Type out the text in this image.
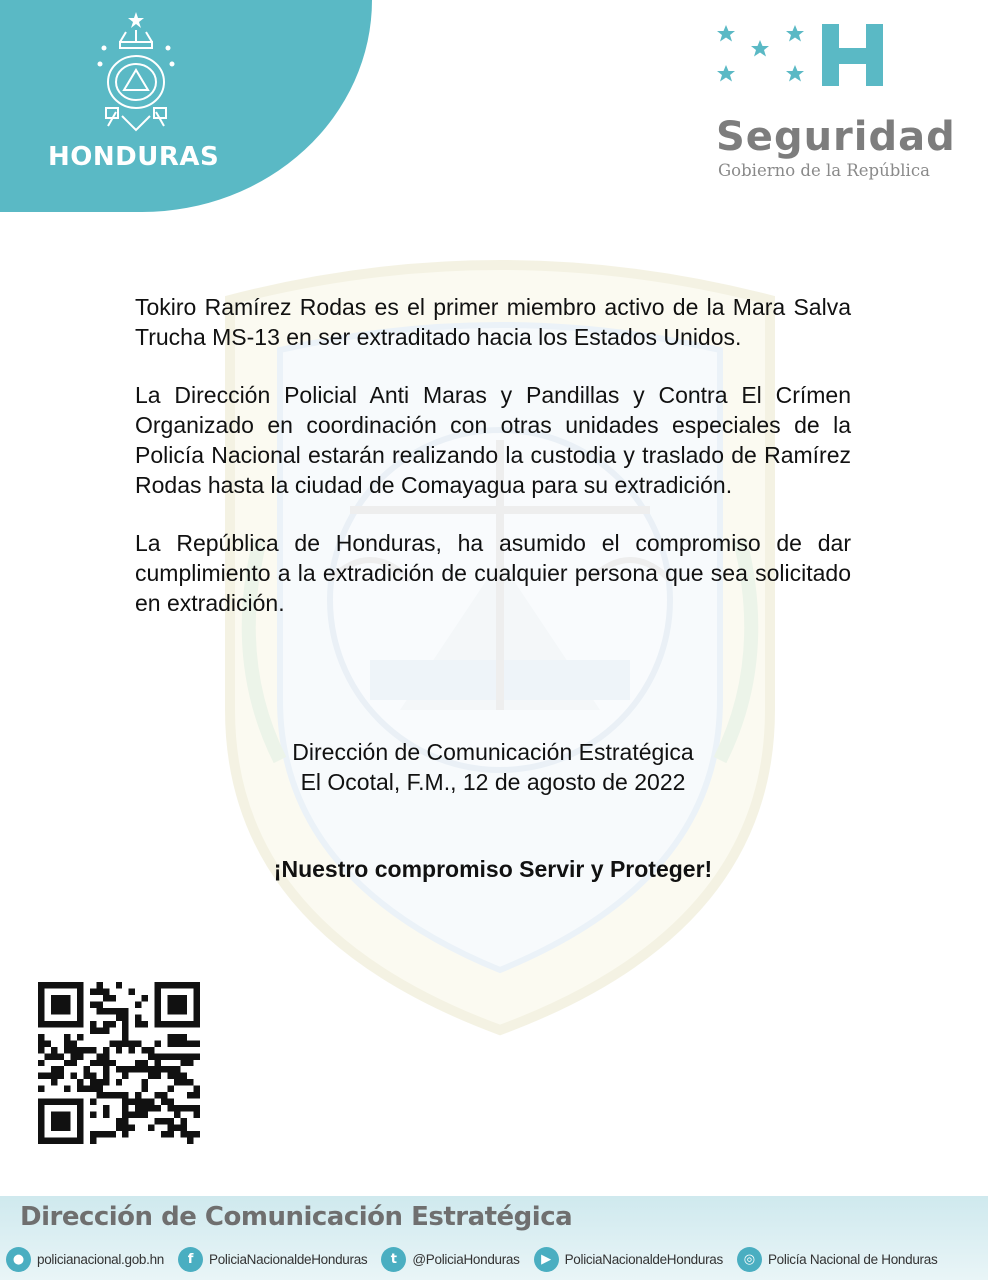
HONDURAS	Seguridad
Gobierno de la República

Tokiro Ramírez Rodas es el primer miembro activo de la Mara Salva Trucha MS-13 en ser extraditado hacia los Estados Unidos.

La Dirección Policial Anti Maras y Pandillas y Contra El Crímen Organizado en coordinación con otras unidades especiales de la Policía Nacional estarán realizando la custodia y traslado de Ramírez Rodas hasta la ciudad de Comayagua para su extradición.

La República de Honduras, ha asumido el compromiso de dar cumplimiento a la extradición de cualquier persona que sea solicitado en extradición.

Dirección de Comunicación Estratégica
El Ocotal, F.M., 12 de agosto de 2022
¡Nuestro compromiso Servir y Proteger!
Dirección de Comunicación Estratégica
● policianacional.gob.hn	f	PoliciaNacionaldeHonduras	t	@PoliciaHonduras	▶	PoliciaNacionaldeHonduras	◎ Policía Nacional de Honduras
